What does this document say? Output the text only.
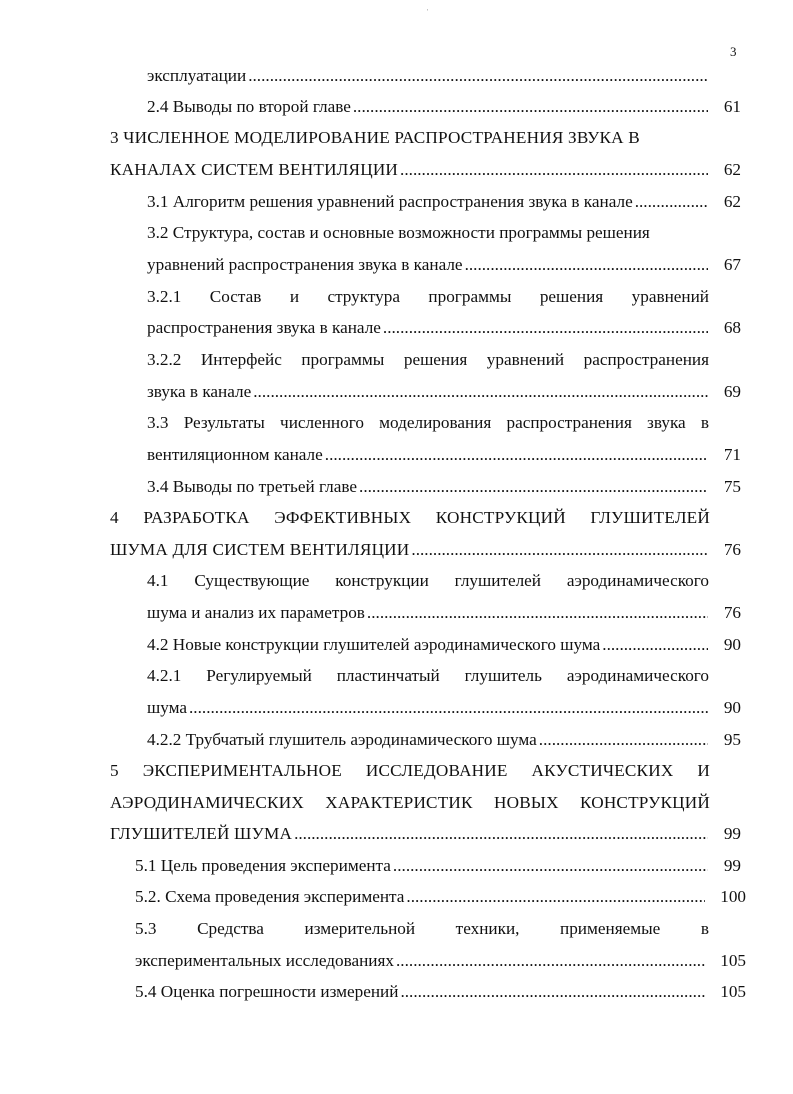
ˈ
3
эксплуатации
.....
2.4 Выводы по второй главе .....	61
3 ЧИСЛЕННОЕ МОДЕЛИРОВАНИЕ РАСПРОСТРАНЕНИЯ ЗВУКА В
КАНАЛАХ СИСТЕМ ВЕНТИЛЯЦИИ .....	62
3.1 Алгоритм решения уравнений распространения звука в канале .....	62
3.2 Структура, состав и основные возможности программы решения
уравнений распространения звука в канале .....	67
3.2.1 Состав и структура программы решения уравнений
распространения звука в канале .....	68
3.2.2 Интерфейс программы решения уравнений распространения
звука в канале .....	69
3.3 Результаты численного моделирования распространения звука в
вентиляционном канале .....	71
3.4 Выводы по третьей главе .....	75
4 РАЗРАБОТКА ЭФФЕКТИВНЫХ КОНСТРУКЦИЙ ГЛУШИТЕЛЕЙ
ШУМА ДЛЯ СИСТЕМ ВЕНТИЛЯЦИИ .....	76
4.1 Существующие конструкции глушителей аэродинамического
шума и анализ их параметров .....	76
4.2 Новые конструкции глушителей аэродинамического шума .....	90
4.2.1 Регулируемый пластинчатый глушитель аэродинамического
шума .....	90
4.2.2 Трубчатый глушитель аэродинамического шума .....	95
5 ЭКСПЕРИМЕНТАЛЬНОЕ ИССЛЕДОВАНИЕ АКУСТИЧЕСКИХ И
АЭРОДИНАМИЧЕСКИХ ХАРАКТЕРИСТИК НОВЫХ КОНСТРУКЦИЙ
ГЛУШИТЕЛЕЙ ШУМА .....	99
5.1 Цель проведения эксперимента .....	99
5.2. Схема проведения эксперимента .....	100
5.3 Средства измерительной техники, применяемые в
экспериментальных исследованиях .....	105
5.4 Оценка погрешности измерений .....	105
